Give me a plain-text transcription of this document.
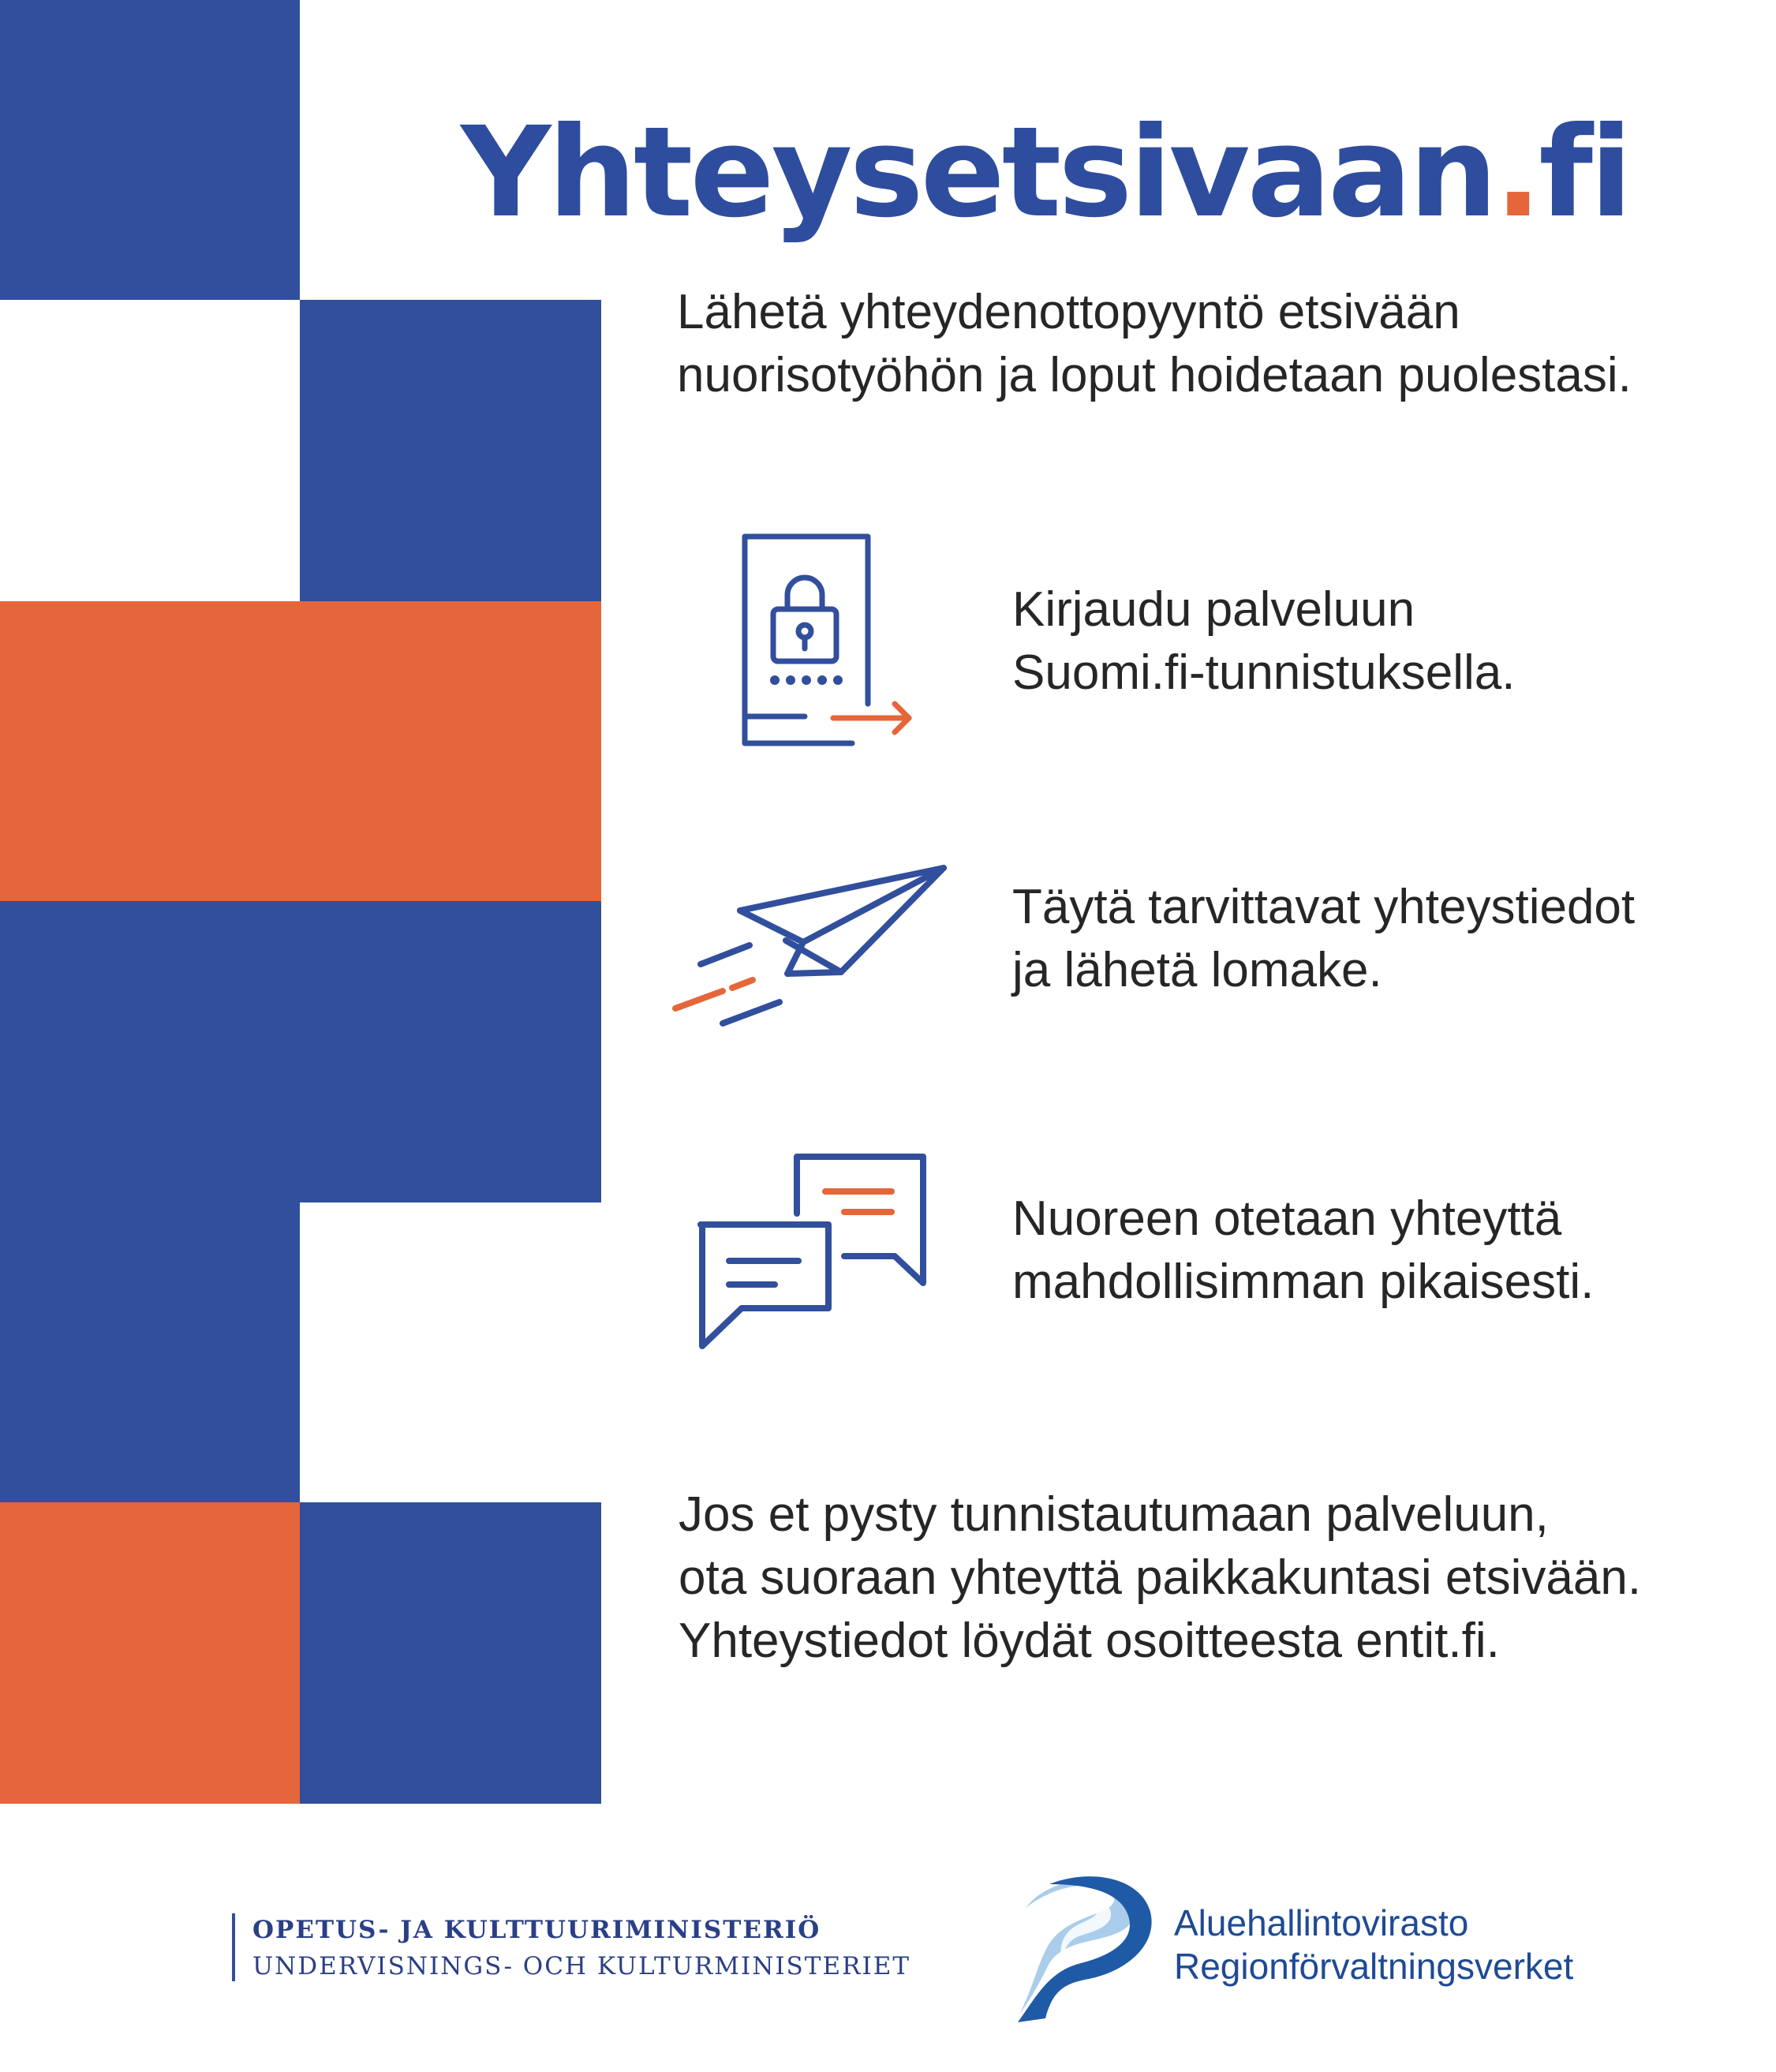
Yhteysetsivaan.fi
Lähetä yhteydenottopyyntö etsivään
nuorisotyöhön ja loput hoidetaan puolestasi.
Kirjaudu palveluun
Suomi.fi-tunnistuksella.
Täytä tarvittavat yhteystiedot
ja lähetä lomake.
Nuoreen otetaan yhteyttä
mahdollisimman pikaisesti.
Jos et pysty tunnistautumaan palveluun,
ota suoraan yhteyttä paikkakuntasi etsivään.
Yhteystiedot löydät osoitteesta entit.fi.
OPETUS- JA KULTTUURIMINISTERIÖ
UNDERVISNINGS- OCH KULTURMINISTERIET
Aluehallintovirasto
Regionförvaltningsverket
